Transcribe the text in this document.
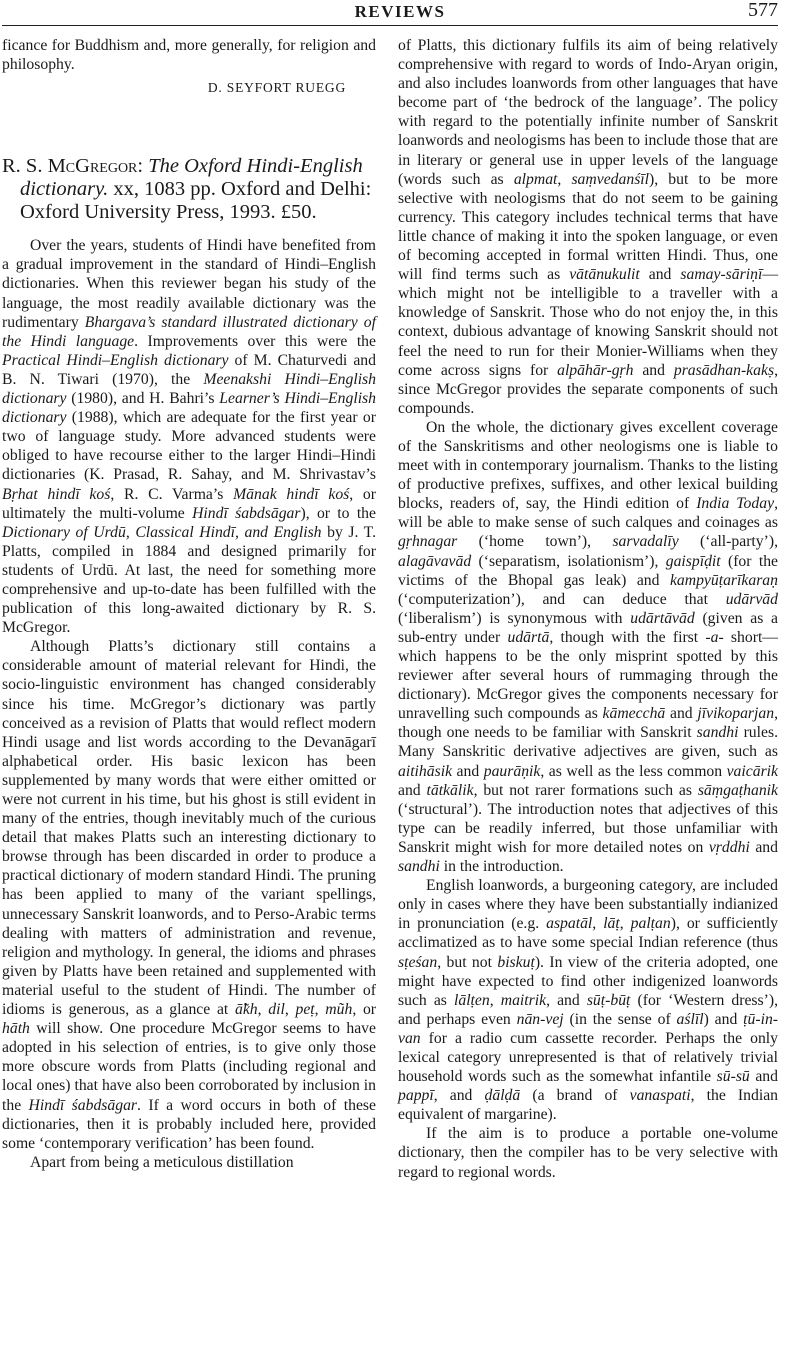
REVIEWS	577

ficance for Buddhism and, more generally, for religion and philosophy.

D. SEYFORT RUEGG

R. S. McGregor: The Oxford Hindi-English dictionary. xx, 1083 pp. Oxford and Delhi: Oxford University Press, 1993. £50.

Over the years, students of Hindi have benefited from a gradual improvement in the standard of Hindi–English dictionaries. When this reviewer began his study of the language, the most readily available dictionary was the rudimentary Bhargava’s standard illustrated dictionary of the Hindi language. Improvements over this were the Practical Hindi–English dictionary of M. Chaturvedi and B. N. Tiwari (1970), the Meenakshi Hindi–English dictionary (1980), and H. Bahri’s Learner’s Hindi–English dictionary (1988), which are adequate for the first year or two of language study. More advanced students were obliged to have recourse either to the larger Hindi–Hindi dictionaries (K. Prasad, R. Sahay, and M. Shrivastav’s Bṛhat hindī koś, R. C. Varma’s Mānak hindī koś, or ultimately the multi-volume Hindī śabdsāgar), or to the Dictionary of Urdū, Classical Hindī, and English by J. T. Platts, compiled in 1884 and designed primarily for students of Urdū. At last, the need for something more comprehensive and up-to-date has been fulfilled with the publication of this long-awaited dictionary by R. S. McGregor.

Although Platts’s dictionary still contains a considerable amount of material relevant for Hindi, the socio-linguistic environment has changed considerably since his time. McGregor’s dictionary was partly conceived as a revision of Platts that would reflect modern Hindi usage and list words according to the Devanāgarī alphabetical order. His basic lexicon has been supplemented by many words that were either omitted or were not current in his time, but his ghost is still evident in many of the entries, though inevitably much of the curious detail that makes Platts such an interesting dictionary to browse through has been discarded in order to produce a practical dictionary of modern standard Hindi. The pruning has been applied to many of the variant spellings, unnecessary Sanskrit loanwords, and to Perso-Arabic terms dealing with matters of administration and revenue, religion and mythology. In general, the idioms and phrases given by Platts have been retained and supplemented with material useful to the student of Hindi. The number of idioms is generous, as a glance at ā̃kh, dil, peṭ, mũh, or hāth will show. One procedure McGregor seems to have adopted in his selection of entries, is to give only those more obscure words from Platts (including regional and local ones) that have also been corroborated by inclusion in the Hindī śabdsāgar. If a word occurs in both of these dictionaries, then it is probably included here, provided some ‘contemporary verification’ has been found.

Apart from being a meticulous distillation

of Platts, this dictionary fulfils its aim of being relatively comprehensive with regard to words of Indo-Aryan origin, and also includes loanwords from other languages that have become part of ‘the bedrock of the language’. The policy with regard to the potentially infinite number of Sanskrit loanwords and neologisms has been to include those that are in literary or general use in upper levels of the language (words such as alpmat, saṃvedanśīl), but to be more selective with neologisms that do not seem to be gaining currency. This category includes technical terms that have little chance of making it into the spoken language, or even of becoming accepted in formal written Hindi. Thus, one will find terms such as vātānukulit and samay-sāriṇī—which might not be intelligible to a traveller with a knowledge of Sanskrit. Those who do not enjoy the, in this context, dubious advantage of knowing Sanskrit should not feel the need to run for their Monier-Williams when they come across signs for alpāhār-gṛh and prasādhan-kakṣ, since McGregor provides the separate components of such compounds.

On the whole, the dictionary gives excellent coverage of the Sanskritisms and other neologisms one is liable to meet with in contemporary journalism. Thanks to the listing of productive prefixes, suffixes, and other lexical building blocks, readers of, say, the Hindi edition of India Today, will be able to make sense of such calques and coinages as gṛhnagar (‘home town’), sarvadalīy (‘all-party’), alagāvavād (‘separatism, isolationism’), gaispīḍit (for the victims of the Bhopal gas leak) and kampyūṭarīkaraṇ (‘computerization’), and can deduce that udārvād (‘liberalism’) is synonymous with udārtāvād (given as a sub-entry under udārtā, though with the first -a- short—which happens to be the only misprint spotted by this reviewer after several hours of rummaging through the dictionary). McGregor gives the components necessary for unravelling such compounds as kāmecchā and jīvikoparjan, though one needs to be familiar with Sanskrit sandhi rules. Many Sanskritic derivative adjectives are given, such as aitihāsik and paurāṇik, as well as the less common vaicārik and tātkālik, but not rarer formations such as sāṃgaṭhanik (‘structural’). The introduction notes that adjectives of this type can be readily inferred, but those unfamiliar with Sanskrit might wish for more detailed notes on vṛddhi and sandhi in the introduction.

English loanwords, a burgeoning category, are included only in cases where they have been substantially indianized in pronunciation (e.g. aspatāl, lāṭ, palṭan), or sufficiently acclimatized as to have some special Indian reference (thus sṭeśan, but not biskuṭ). In view of the criteria adopted, one might have expected to find other indigenized loanwords such as lālṭen, maitrik, and sūṭ-būṭ (for ‘Western dress’), and perhaps even nān-vej (in the sense of aślīl) and ṭū-in-van for a radio cum cassette recorder. Perhaps the only lexical category unrepresented is that of relatively trivial household words such as the somewhat infantile sū-sū and pappī, and ḍālḍā (a brand of vanaspati, the Indian equivalent of margarine).

If the aim is to produce a portable one-volume dictionary, then the compiler has to be very selective with regard to regional words.
